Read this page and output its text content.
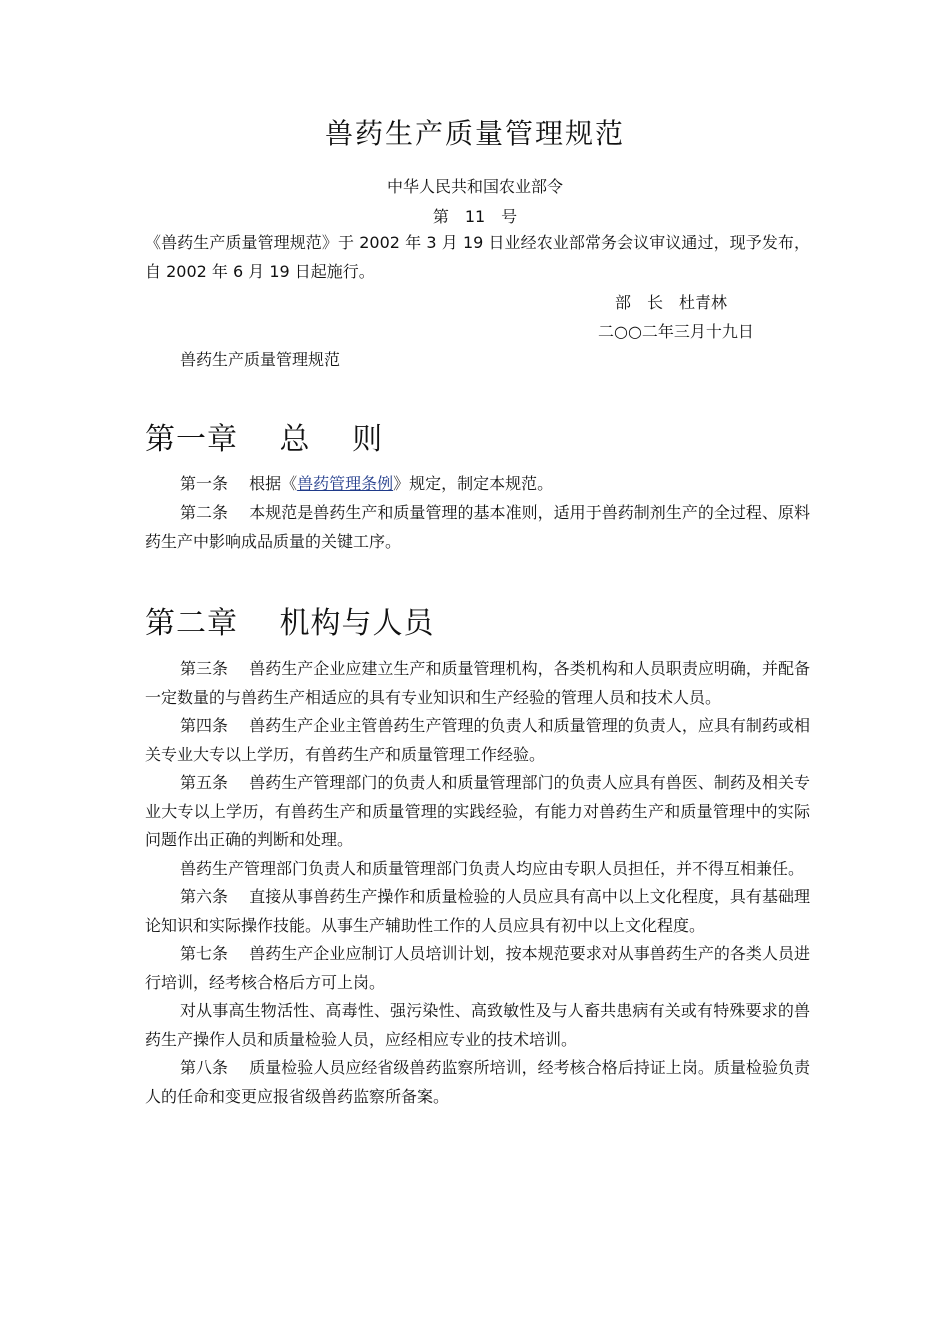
兽药生产质量管理规范
中华人民共和国农业部令
第　11　号
《兽药生产质量管理规范》于 2002 年 3 月 19 日业经农业部常务会议审议通过，现予发布，自 2002 年 6 月 19 日起施行。
部　长　杜青林
二○○二年三月十九日
兽药生产质量管理规范
第一章　 总　 则
第一条　 根据《兽药管理条例》规定，制定本规范。
第二条　 本规范是兽药生产和质量管理的基本准则，适用于兽药制剂生产的全过程、原料药生产中影响成品质量的关键工序。
第二章　 机构与人员
第三条　 兽药生产企业应建立生产和质量管理机构，各类机构和人员职责应明确，并配备一定数量的与兽药生产相适应的具有专业知识和生产经验的管理人员和技术人员。
第四条　 兽药生产企业主管兽药生产管理的负责人和质量管理的负责人，应具有制药或相关专业大专以上学历，有兽药生产和质量管理工作经验。
第五条　 兽药生产管理部门的负责人和质量管理部门的负责人应具有兽医、制药及相关专业大专以上学历，有兽药生产和质量管理的实践经验，有能力对兽药生产和质量管理中的实际问题作出正确的判断和处理。
兽药生产管理部门负责人和质量管理部门负责人均应由专职人员担任，并不得互相兼任。
第六条　 直接从事兽药生产操作和质量检验的人员应具有高中以上文化程度，具有基础理论知识和实际操作技能。从事生产辅助性工作的人员应具有初中以上文化程度。
第七条　 兽药生产企业应制订人员培训计划，按本规范要求对从事兽药生产的各类人员进行培训，经考核合格后方可上岗。
对从事高生物活性、高毒性、强污染性、高致敏性及与人畜共患病有关或有特殊要求的兽药生产操作人员和质量检验人员，应经相应专业的技术培训。
第八条　 质量检验人员应经省级兽药监察所培训，经考核合格后持证上岗。质量检验负责人的任命和变更应报省级兽药监察所备案。
